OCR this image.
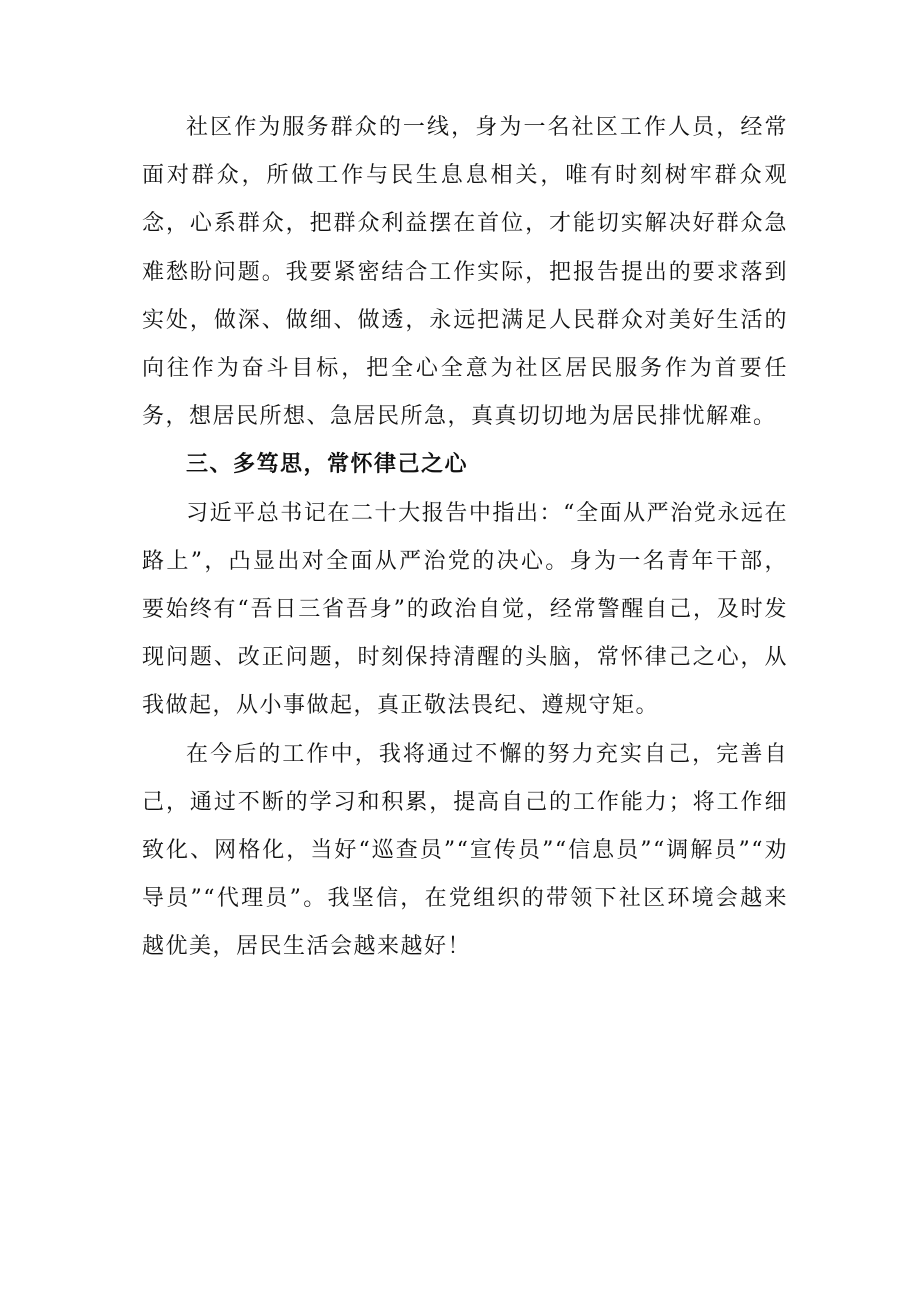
社区作为服务群众的一线，身为一名社区工作人员，经常面对群众，所做工作与民生息息相关，唯有时刻树牢群众观念，心系群众，把群众利益摆在首位，才能切实解决好群众急难愁盼问题。我要紧密结合工作实际，把报告提出的要求落到实处，做深、做细、做透，永远把满足人民群众对美好生活的向往作为奋斗目标，把全心全意为社区居民服务作为首要任务，想居民所想、急居民所急，真真切切地为居民排忧解难。

三、多笃思，常怀律己之心

习近平总书记在二十大报告中指出：“全面从严治党永远在路上”，凸显出对全面从严治党的决心。身为一名青年干部，要始终有“吾日三省吾身”的政治自觉，经常警醒自己，及时发现问题、改正问题，时刻保持清醒的头脑，常怀律己之心，从我做起，从小事做起，真正敬法畏纪、遵规守矩。

在今后的工作中，我将通过不懈的努力充实自己，完善自己，通过不断的学习和积累，提高自己的工作能力；将工作细致化、网格化，当好“巡查员”“宣传员”“信息员”“调解员”“劝导员”“代理员”。我坚信，在党组织的带领下社区环境会越来越优美，居民生活会越来越好！
